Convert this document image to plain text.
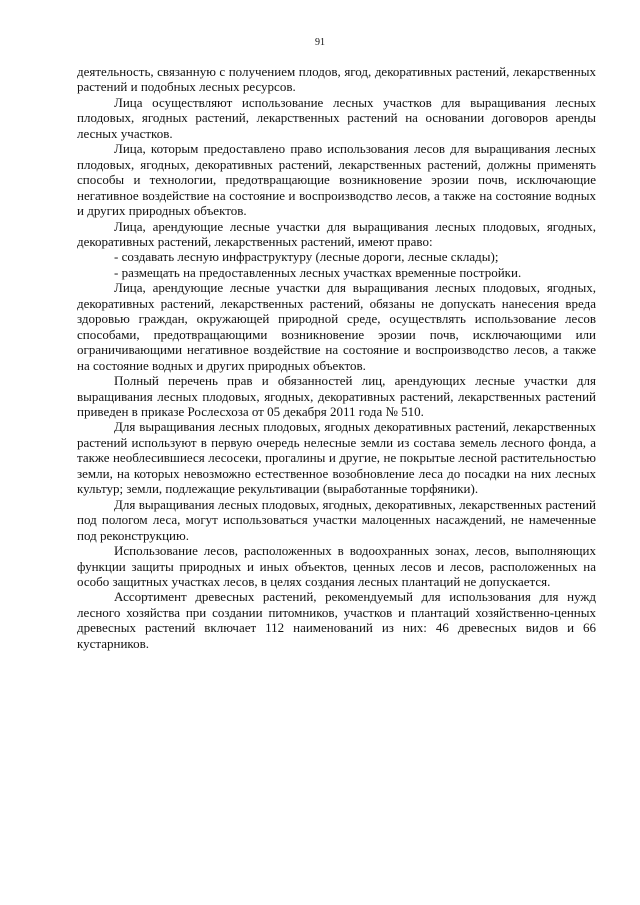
91

деятельность, связанную с получением плодов, ягод, декоративных растений, лекарственных растений и подобных лесных ресурсов.

Лица осуществляют использование лесных участков для выращивания лесных плодовых, ягодных растений, лекарственных растений на основании договоров аренды лесных участков.

Лица, которым предоставлено право использования лесов для выращивания лесных плодовых, ягодных, декоративных растений, лекарственных растений, должны применять способы и технологии, предотвращающие возникновение эрозии почв, исключающие негативное воздействие на состояние и воспроизводство лесов, а также на состояние водных и других природных объектов.

Лица, арендующие лесные участки для выращивания лесных плодовых, ягодных, декоративных растений, лекарственных растений, имеют право:

- создавать лесную инфраструктуру (лесные дороги, лесные склады);

- размещать на предоставленных лесных участках временные постройки.

Лица, арендующие лесные участки для выращивания лесных плодовых, ягодных, декоративных растений, лекарственных растений, обязаны не допускать нанесения вреда здоровью граждан, окружающей природной среде, осуществлять использование лесов способами, предотвращающими возникновение эрозии почв, исключающими или ограничивающими негативное воздействие на состояние и воспроизводство лесов, а также на состояние водных и других природных объектов.

Полный перечень прав и обязанностей лиц, арендующих лесные участки для выращивания лесных плодовых, ягодных, декоративных растений, лекарственных растений приведен в приказе Рослесхоза от 05 декабря 2011 года № 510.

Для выращивания лесных плодовых, ягодных декоративных растений, лекарственных растений используют в первую очередь нелесные земли из состава земель лесного фонда, а также необлесившиеся лесосеки, прогалины и другие, не покрытые лесной растительностью земли, на которых невозможно естественное возобновление леса до посадки на них лесных культур; земли, подлежащие рекультивации (выработанные торфяники).

Для выращивания лесных плодовых, ягодных, декоративных, лекарственных растений под пологом леса, могут использоваться участки малоценных насаждений, не намеченные под реконструкцию.

Использование лесов, расположенных в водоохранных зонах, лесов, выполняющих функции защиты природных и иных объектов, ценных лесов и лесов, расположенных на особо защитных участках лесов, в целях создания лесных плантаций не допускается.

Ассортимент древесных растений, рекомендуемый для использования для нужд лесного хозяйства при создании питомников, участков и плантаций хозяйственно-ценных древесных растений включает 112 наименований из них: 46 древесных видов и 66 кустарников.
